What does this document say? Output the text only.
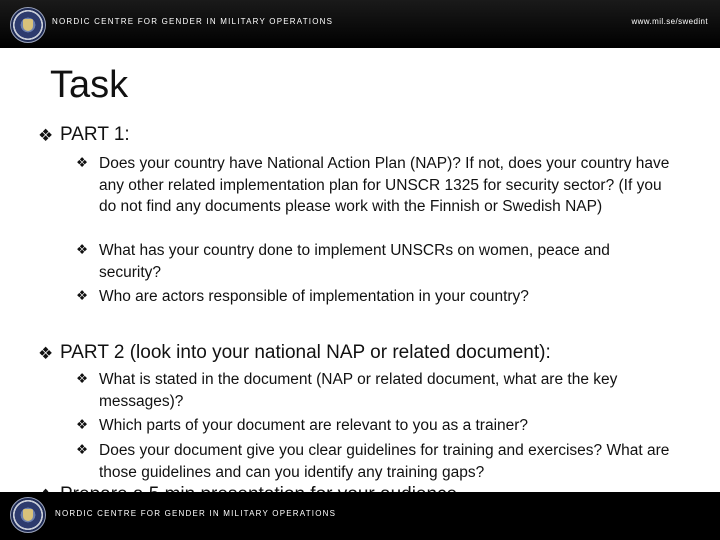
NORDIC CENTRE FOR GENDER IN MILITARY OPERATIONS	www.mil.se/swedint
Task
❖ PART 1:
❖ Does your country have National Action Plan (NAP)? If not, does your country have any other related implementation plan for UNSCR 1325 for security sector? (If you do not find any documents please work with the Finnish or Swedish NAP)
❖ What has your country done to implement UNSCRs on women, peace and security?
❖ Who are actors responsible of implementation in your country?
❖ PART 2 (look into your national NAP or related document):
❖ What is stated in the document (NAP or related document, what are the key messages)?
❖ Which parts of your document are relevant to you as a trainer?
❖ Does your document give you clear guidelines for training and exercises? What are those guidelines and can you identify any training gaps?
NORDIC CENTRE FOR GENDER IN MILITARY OPERATIONS
